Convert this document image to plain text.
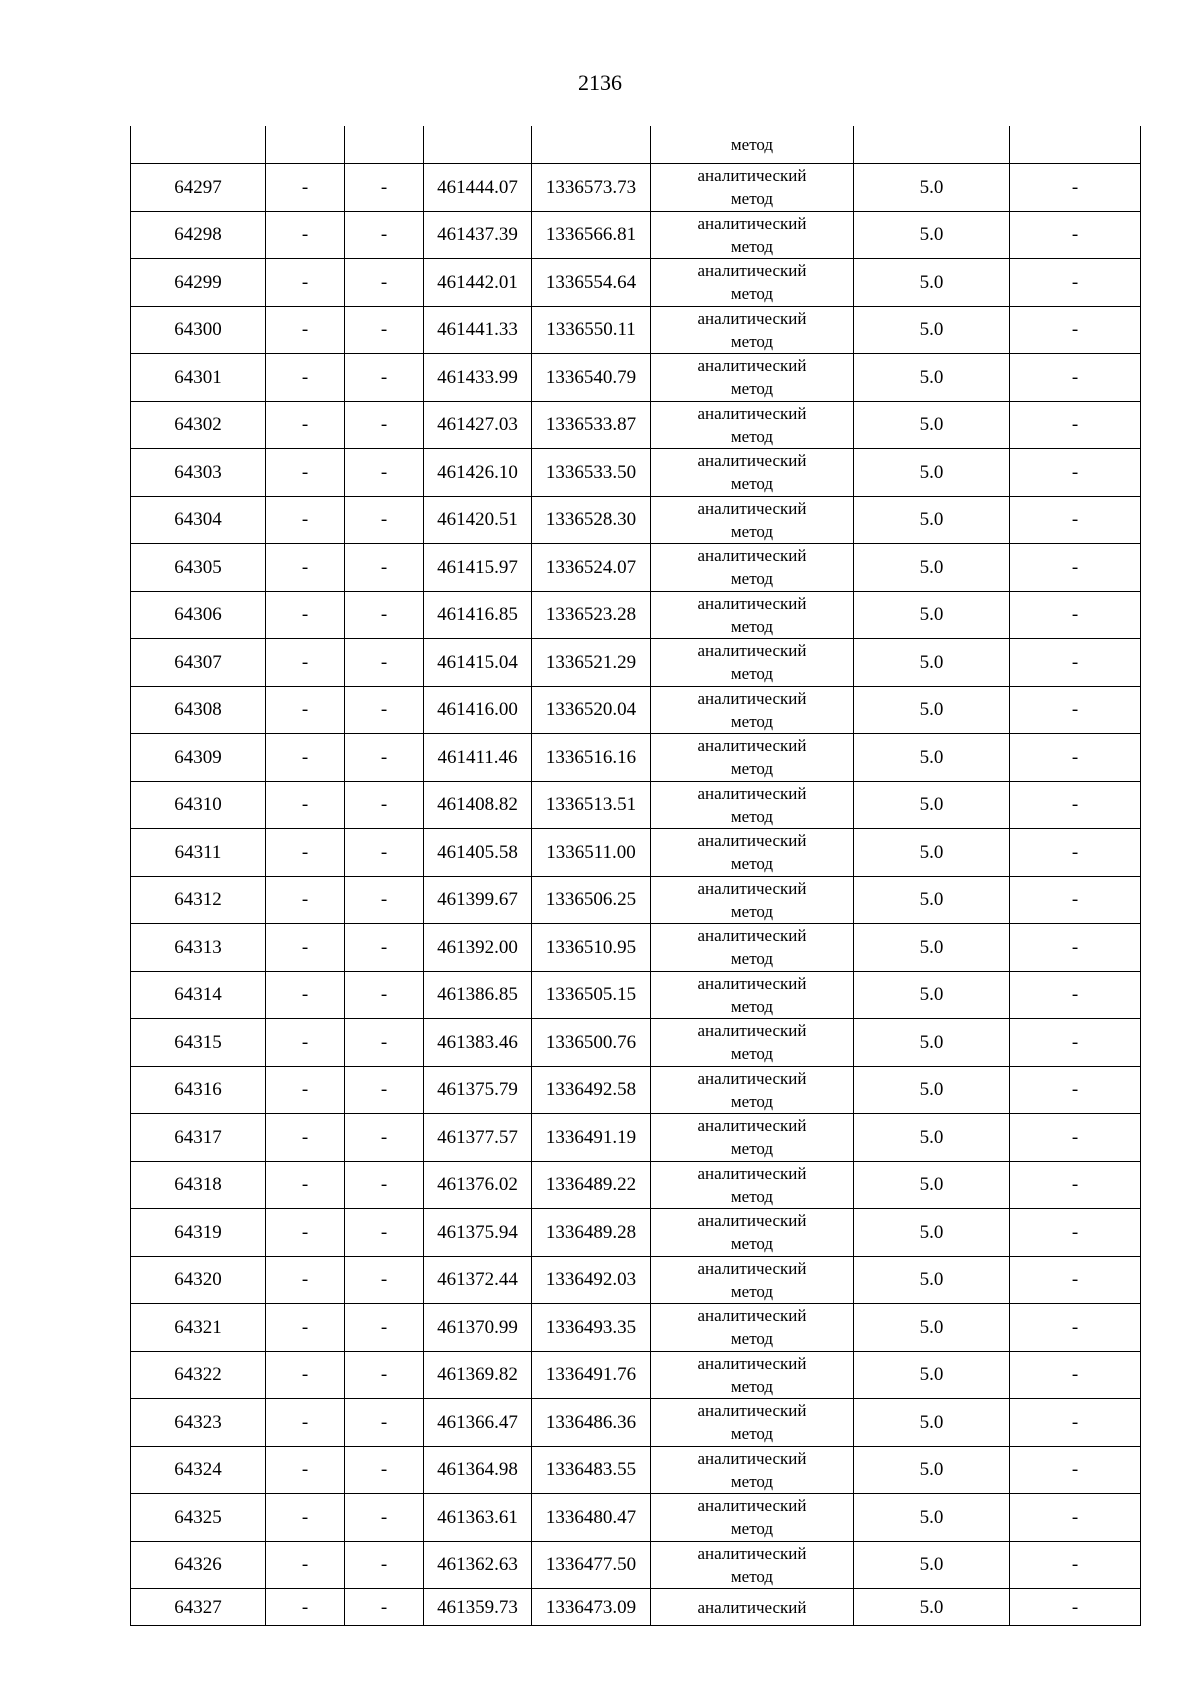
2136
					метод		
64297	-	-	461444.07	1336573.73	аналитический
метод	5.0	-
64298	-	-	461437.39	1336566.81	аналитический
метод	5.0	-
64299	-	-	461442.01	1336554.64	аналитический
метод	5.0	-
64300	-	-	461441.33	1336550.11	аналитический
метод	5.0	-
64301	-	-	461433.99	1336540.79	аналитический
метод	5.0	-
64302	-	-	461427.03	1336533.87	аналитический
метод	5.0	-
64303	-	-	461426.10	1336533.50	аналитический
метод	5.0	-
64304	-	-	461420.51	1336528.30	аналитический
метод	5.0	-
64305	-	-	461415.97	1336524.07	аналитический
метод	5.0	-
64306	-	-	461416.85	1336523.28	аналитический
метод	5.0	-
64307	-	-	461415.04	1336521.29	аналитический
метод	5.0	-
64308	-	-	461416.00	1336520.04	аналитический
метод	5.0	-
64309	-	-	461411.46	1336516.16	аналитический
метод	5.0	-
64310	-	-	461408.82	1336513.51	аналитический
метод	5.0	-
64311	-	-	461405.58	1336511.00	аналитический
метод	5.0	-
64312	-	-	461399.67	1336506.25	аналитический
метод	5.0	-
64313	-	-	461392.00	1336510.95	аналитический
метод	5.0	-
64314	-	-	461386.85	1336505.15	аналитический
метод	5.0	-
64315	-	-	461383.46	1336500.76	аналитический
метод	5.0	-
64316	-	-	461375.79	1336492.58	аналитический
метод	5.0	-
64317	-	-	461377.57	1336491.19	аналитический
метод	5.0	-
64318	-	-	461376.02	1336489.22	аналитический
метод	5.0	-
64319	-	-	461375.94	1336489.28	аналитический
метод	5.0	-
64320	-	-	461372.44	1336492.03	аналитический
метод	5.0	-
64321	-	-	461370.99	1336493.35	аналитический
метод	5.0	-
64322	-	-	461369.82	1336491.76	аналитический
метод	5.0	-
64323	-	-	461366.47	1336486.36	аналитический
метод	5.0	-
64324	-	-	461364.98	1336483.55	аналитический
метод	5.0	-
64325	-	-	461363.61	1336480.47	аналитический
метод	5.0	-
64326	-	-	461362.63	1336477.50	аналитический
метод	5.0	-
64327	-	-	461359.73	1336473.09	аналитический	5.0	-
